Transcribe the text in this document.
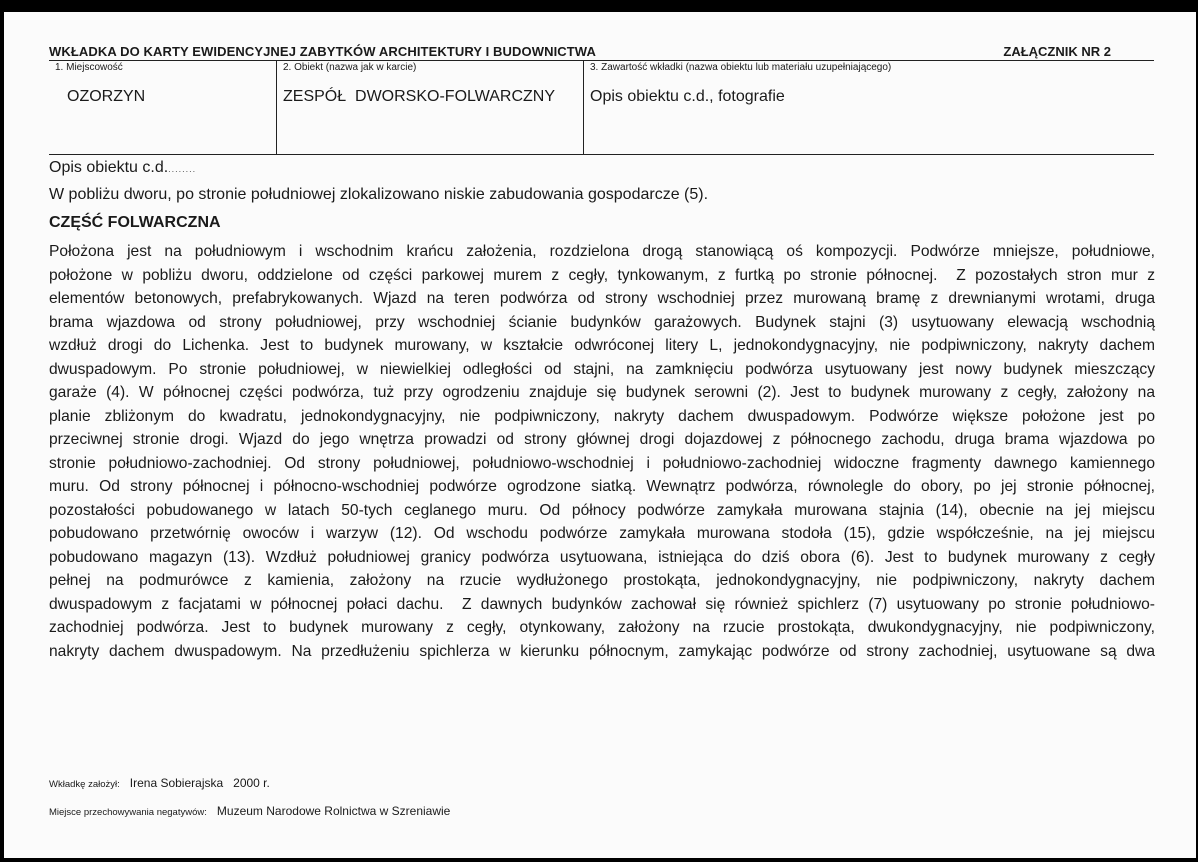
WKŁADKA DO KARTY EWIDENCYJNEJ ZABYTKÓW ARCHITEKTURY I BUDOWNICTWA	ZAŁĄCZNIK NR 2
1. Miejscowość
OZORZYN
2. Obiekt (nazwa jak w karcie)
ZESPÓŁ  DWORSKO-FOLWARCZNY
3. Zawartość wkładki (nazwa obiektu lub materiału uzupełniającego)
Opis obiektu c.d., fotografie
Opis obiektu c.d.........
W pobliżu dworu, po stronie południowej zlokalizowano niskie zabudowania gospodarcze (5).
CZĘŚĆ FOLWARCZNA
Położona jest na południowym i wschodnim krańcu założenia, rozdzielona drogą stanowiącą oś kompozycji. Podwórze mniejsze, południowe,
położone w pobliżu dworu, oddzielone od części parkowej murem z cegły, tynkowanym, z furtką po stronie północnej.  Z pozostałych stron mur z
elementów betonowych, prefabrykowanych. Wjazd na teren podwórza od strony wschodniej przez murowaną bramę z drewnianymi wrotami, druga
brama wjazdowa od strony południowej, przy wschodniej ścianie budynków garażowych. Budynek stajni (3) usytuowany elewacją wschodnią
wzdłuż drogi do Lichenka. Jest to budynek murowany, w kształcie odwróconej litery L, jednokondygnacyjny, nie podpiwniczony, nakryty dachem
dwuspadowym. Po stronie południowej, w niewielkiej odległości od stajni, na zamknięciu podwórza usytuowany jest nowy budynek mieszczący
garaże (4). W północnej części podwórza, tuż przy ogrodzeniu znajduje się budynek serowni (2). Jest to budynek murowany z cegły, założony na
planie zbliżonym do kwadratu, jednokondygnacyjny, nie podpiwniczony, nakryty dachem dwuspadowym. Podwórze większe położone jest po
przeciwnej stronie drogi. Wjazd do jego wnętrza prowadzi od strony głównej drogi dojazdowej z północnego zachodu, druga brama wjazdowa po
stronie południowo-zachodniej. Od strony południowej, południowo-wschodniej i południowo-zachodniej widoczne fragmenty dawnego kamiennego
muru. Od strony północnej i północno-wschodniej podwórze ogrodzone siatką. Wewnątrz podwórza, równolegle do obory, po jej stronie północnej,
pozostałości pobudowanego w latach 50-tych ceglanego muru. Od północy podwórze zamykała murowana stajnia (14), obecnie na jej miejscu
pobudowano przetwórnię owoców i warzyw (12). Od wschodu podwórze zamykała murowana stodoła (15), gdzie współcześnie, na jej miejscu
pobudowano magazyn (13). Wzdłuż południowej granicy podwórza usytuowana, istniejąca do dziś obora (6). Jest to budynek murowany z cegły
pełnej na podmurówce z kamienia, założony na rzucie wydłużonego prostokąta, jednokondygnacyjny, nie podpiwniczony, nakryty dachem
dwuspadowym z facjatami w północnej połaci dachu.  Z dawnych budynków zachował się również spichlerz (7) usytuowany po stronie południowo-
zachodniej podwórza. Jest to budynek murowany z cegły, otynkowany, założony na rzucie prostokąta, dwukondygnacyjny, nie podpiwniczony,
nakryty dachem dwuspadowym. Na przedłużeniu spichlerza w kierunku północnym, zamykając podwórze od strony zachodniej, usytuowane są dwa
Wkładkę założył: Irena Sobierajska   2000 r.
Miejsce przechowywania negatywów: Muzeum Narodowe Rolnictwa w Szreniawie
